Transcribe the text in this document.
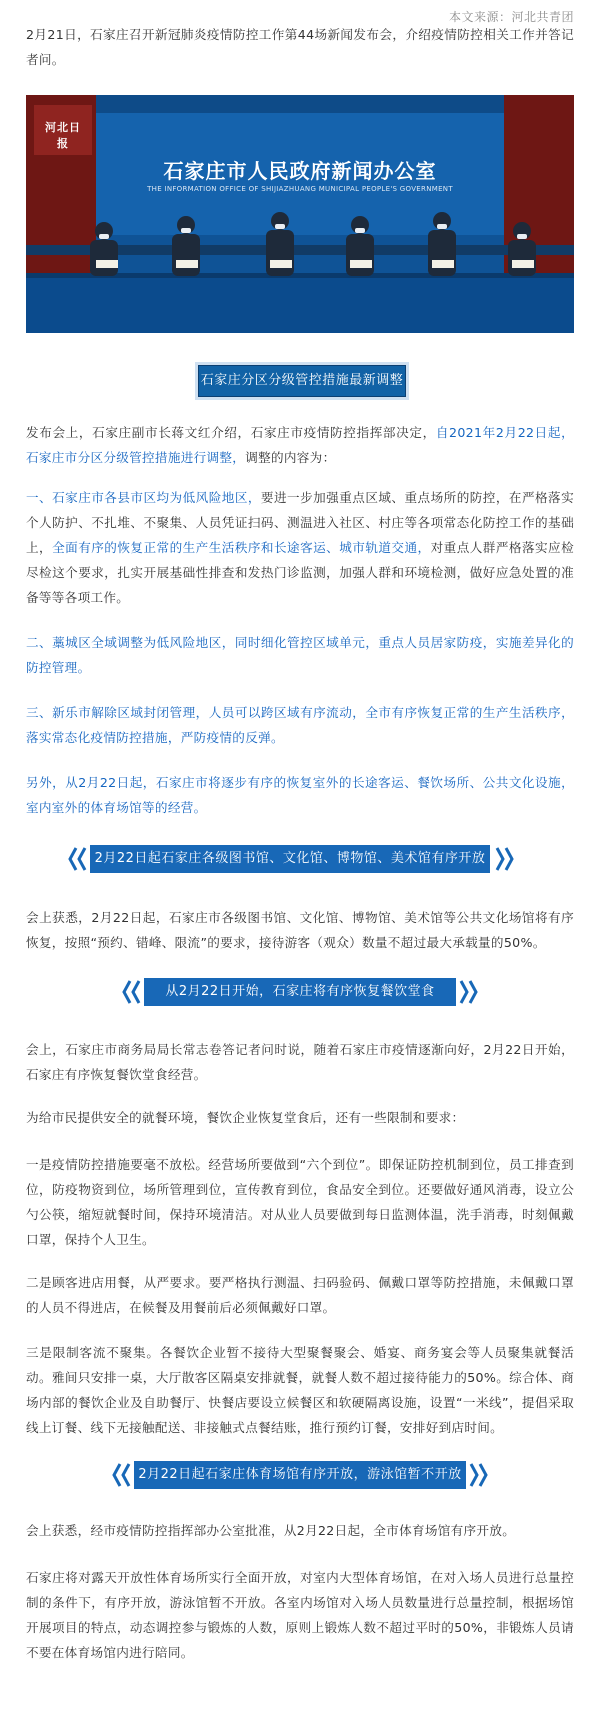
本文来源：河北共青团

2月21日，石家庄召开新冠肺炎疫情防控工作第44场新闻发布会，介绍疫情防控相关工作并答记者问。

河北日报
石家庄市人民政府新闻办公室
THE INFORMATION OFFICE OF SHIJIAZHUANG MUNICIPAL PEOPLE'S GOVERNMENT
石家庄分区分级管控措施最新调整

发布会上，石家庄副市长蒋文红介绍，石家庄市疫情防控指挥部决定，自2021年2月22日起，石家庄市分区分级管控措施进行调整，调整的内容为：

一、石家庄市各县市区均为低风险地区，要进一步加强重点区域、重点场所的防控，在严格落实个人防护、不扎堆、不聚集、人员凭证扫码、测温进入社区、村庄等各项常态化防控工作的基础上，全面有序的恢复正常的生产生活秩序和长途客运、城市轨道交通，对重点人群严格落实应检尽检这个要求，扎实开展基础性排查和发热门诊监测，加强人群和环境检测，做好应急处置的准备等等各项工作。

二、藁城区全域调整为低风险地区，同时细化管控区域单元，重点人员居家防疫，实施差异化的防控管理。

三、新乐市解除区域封闭管理，人员可以跨区域有序流动，全市有序恢复正常的生产生活秩序，落实常态化疫情防控措施，严防疫情的反弹。

另外，从2月22日起，石家庄市将逐步有序的恢复室外的长途客运、餐饮场所、公共文化设施，室内室外的体育场馆等的经营。

2月22日起石家庄各级图书馆、文化馆、博物馆、美术馆有序开放

会上获悉，2月22日起，石家庄市各级图书馆、文化馆、博物馆、美术馆等公共文化场馆将有序恢复，按照“预约、错峰、限流”的要求，接待游客（观众）数量不超过最大承载量的50%。

从2月22日开始，石家庄将有序恢复餐饮堂食

会上，石家庄市商务局局长常志卷答记者问时说，随着石家庄市疫情逐渐向好，2月22日开始，石家庄有序恢复餐饮堂食经营。

为给市民提供安全的就餐环境，餐饮企业恢复堂食后，还有一些限制和要求：

一是疫情防控措施要毫不放松。经营场所要做到“六个到位”。即保证防控机制到位，员工排查到位，防疫物资到位，场所管理到位，宣传教育到位，食品安全到位。还要做好通风消毒，设立公勺公筷，缩短就餐时间，保持环境清洁。对从业人员要做到每日监测体温，洗手消毒，时刻佩戴口罩，保持个人卫生。

二是顾客进店用餐，从严要求。要严格执行测温、扫码验码、佩戴口罩等防控措施，未佩戴口罩的人员不得进店，在候餐及用餐前后必须佩戴好口罩。

三是限制客流不聚集。各餐饮企业暂不接待大型聚餐聚会、婚宴、商务宴会等人员聚集就餐活动。雅间只安排一桌，大厅散客区隔桌安排就餐，就餐人数不超过接待能力的50%。综合体、商场内部的餐饮企业及自助餐厅、快餐店要设立候餐区和软硬隔离设施，设置“一米线”，提倡采取线上订餐、线下无接触配送、非接触式点餐结账，推行预约订餐，安排好到店时间。

2月22日起石家庄体育场馆有序开放，游泳馆暂不开放

会上获悉，经市疫情防控指挥部办公室批准，从2月22日起，全市体育场馆有序开放。

石家庄将对露天开放性体育场所实行全面开放，对室内大型体育场馆，在对入场人员进行总量控制的条件下，有序开放，游泳馆暂不开放。各室内场馆对入场人员数量进行总量控制，根据场馆开展项目的特点，动态调控参与锻炼的人数，原则上锻炼人数不超过平时的50%，非锻炼人员请不要在体育场馆内进行陪同。
